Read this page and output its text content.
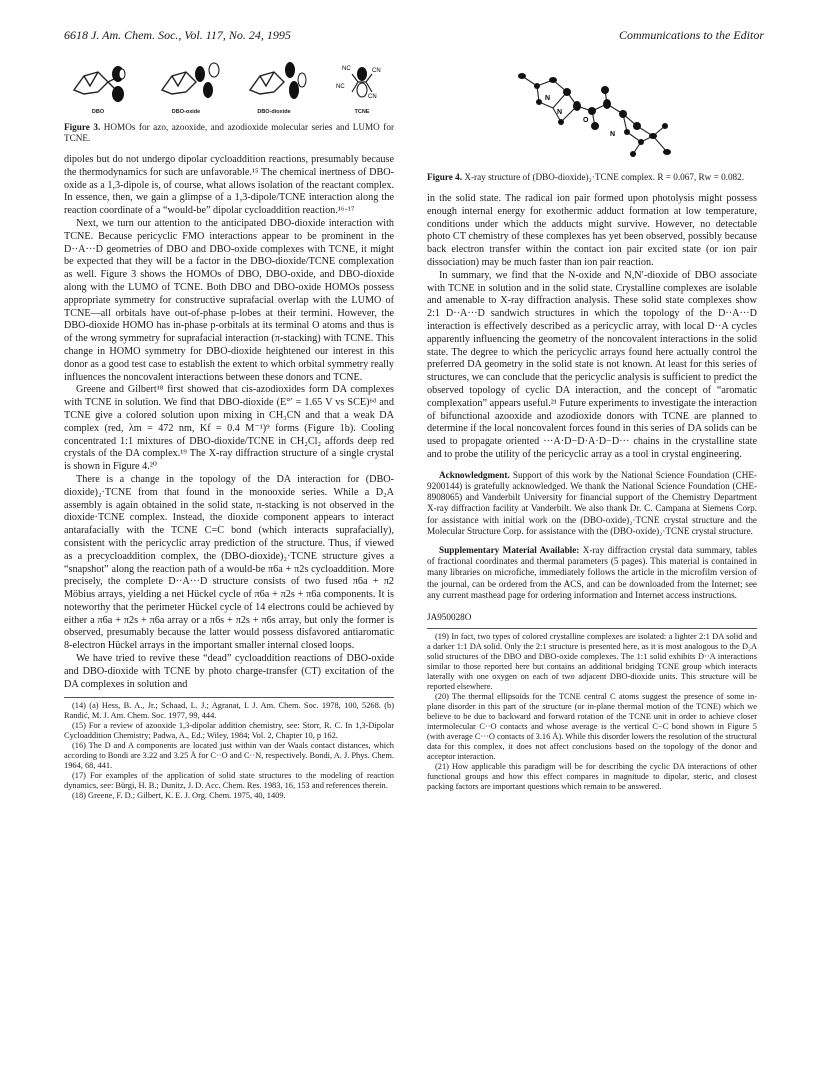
6618 J. Am. Chem. Soc., Vol. 117, No. 24, 1995	Communications to the Editor
NC	CN
NC
CN
DBO	DBO-oxide	DBO-dioxide	TCNE
Figure 3. HOMOs for azo, azooxide, and azodioxide molecular series and LUMO for TCNE.

dipoles but do not undergo dipolar cycloaddition reactions, presumably because the thermodynamics for such are unfavorable.¹⁵ The chemical inertness of DBO-oxide as a 1,3-dipole is, of course, what allows isolation of the reactant complex. In essence, then, we gain a glimpse of a 1,3-dipole/TCNE interaction along the reaction coordinate of a “would-be” dipolar cycloaddition reaction.¹⁶·¹⁷

Next, we turn our attention to the anticipated DBO-dioxide interaction with TCNE. Because pericyclic FMO interactions appear to be prominent in the D··A···D geometries of DBO and DBO-oxide complexes with TCNE, it might be expected that they will be a factor in the DBO-dioxide/TCNE complexation as well. Figure 3 shows the HOMOs of DBO, DBO-oxide, and DBO-dioxide along with the LUMO of TCNE. Both DBO and DBO-oxide HOMOs possess appropriate symmetry for constructive suprafacial overlap with the LUMO of TCNE—all orbitals have out-of-phase p-lobes at their termini. However, the DBO-dioxide HOMO has in-phase p-orbitals at its terminal O atoms and thus is of the wrong symmetry for suprafacial interaction (π-stacking) with TCNE. This change in HOMO symmetry for DBO-dioxide heightened our interest in this donor as a good test case to establish the extent to which orbital symmetry really influences the noncovalent interactions between these donors and TCNE.

Greene and Gilbert¹⁸ first showed that cis-azodioxides form DA complexes with TCNE in solution. We find that DBO-dioxide (E°′ = 1.65 V vs SCE)⁶ᵈ and TCNE give a colored solution upon mixing in CH₃CN and that a weak DA complex (red, λm = 472 nm, Kf = 0.4 M⁻¹)⁹ forms (Figure 1b). Cooling concentrated 1:1 mixtures of DBO-dioxide/TCNE in CH₂Cl₂ affords deep red crystals of the DA complex.¹⁹ The X-ray diffraction structure of a single crystal is shown in Figure 4.²⁰

There is a change in the topology of the DA interaction for (DBO-dioxide)₂·TCNE from that found in the monooxide series. While a D₂A assembly is again obtained in the solid state, π-stacking is not observed in the dioxide·TCNE complex. Instead, the dioxide component appears to interact antarafacially with the TCNE C=C bond (which interacts suprafacially), consistent with the pericyclic array prediction of the structure. Thus, if viewed as a precycloaddition complex, the (DBO-dioxide)₂·TCNE structure gives a “snapshot” along the reaction path of a would-be π6a + π2s cycloaddition. More precisely, the complete D··A···D structure consists of two fused π6a + π2 Möbius arrays, yielding a net Hückel cycle of π6a + π2s + π6a components. It is noteworthy that the perimeter Hückel cycle of 14 electrons could be achieved by either a π6a + π2s + π6a array or a π6s + π2s + π6s array, but only the former is observed, presumably because the latter would possess disfavored antiaromatic 8-electron Hückel arrays in the important smaller internal closed loops.

We have tried to revive these “dead” cycloaddition reactions of DBO-oxide and DBO-dioxide with TCNE by photo charge-transfer (CT) excitation of the DA complexes in solution and

(14) (a) Hess, B. A., Jr.; Schaad, L. J.; Agranat, I. J. Am. Chem. Soc. 1978, 100, 5268. (b) Randić, M. J. Am. Chem. Soc. 1977, 99, 444.

(15) For a review of azooxide 1,3-dipolar addition chemistry, see: Storr, R. C. In 1,3-Dipolar Cycloaddition Chemistry; Padwa, A., Ed.; Wiley, 1984; Vol. 2, Chapter 10, p 162.

(16) The D and A components are located just within van der Waals contact distances, which according to Bondi are 3.22 and 3.25 Å for C··O and C··N, respectively. Bondi, A. J. Phys. Chem. 1964, 68, 441.

(17) For examples of the application of solid state structures to the modeling of reaction dynamics, see: Bürgi, H. B.; Dunitz, J. D. Acc. Chem. Res. 1983, 16, 153 and references therein.

(18) Greene, F. D.; Gilbert, K. E. J. Org. Chem. 1975, 40, 1409.

N
N
N
O
Figure 4. X-ray structure of (DBO-dioxide)₂·TCNE complex. R = 0.067, Rw = 0.082.

in the solid state. The radical ion pair formed upon photolysis might possess enough internal energy for exothermic adduct formation at low temperature, conditions under which the adducts might survive. However, no detectable photo CT chemistry of these complexes has yet been observed, possibly because back electron transfer within the contact ion pair excited state (or ion pair dissociation) may be much faster than ion pair reaction.

In summary, we find that the N-oxide and N,N′-dioxide of DBO associate with TCNE in solution and in the solid state. Crystalline complexes are isolable and amenable to X-ray diffraction analysis. These solid state complexes show 2:1 D··A···D sandwich structures in which the topology of the D··A···D interaction is effectively described as a pericyclic array, with local D··A cycles apparently influencing the geometry of the noncovalent interactions in the solid state. The degree to which the pericyclic arrays found here actually control the preferred DA geometry in the solid state is not known. At least for this series of structures, we can conclude that the pericyclic analysis is sufficient to predict the observed topology of cyclic DA interaction, and the concept of “aromatic complexation” appears useful.²¹ Future experiments to investigate the interaction of bifunctional azooxide and azodioxide donors with TCNE are planned to determine if the local noncovalent forces found in this series of DA solids can be used to propagate oriented ···A·D−D·A·D−D··· chains in the crystalline state and to probe the utility of the pericyclic array as a tool in crystal engineering.

Acknowledgment. Support of this work by the National Science Foundation (CHE-9200144) is gratefully acknowledged. We thank the National Science Foundation (CHE-8908065) and Vanderbilt University for financial support of the Chemistry Department X-ray diffraction facility at Vanderbilt. We also thank Dr. C. Campana at Siemens Corp. for assistance with initial work on the (DBO-oxide)₂·TCNE crystal structure and the Molecular Structure Corp. for assistance with the (DBO-oxide)₂·TCNE crystal structure.

Supplementary Material Available: X-ray diffraction crystal data summary, tables of fractional coordinates and thermal parameters (5 pages). This material is contained in many libraries on microfiche, immediately follows the article in the microfilm version of the journal, can be ordered from the ACS, and can be downloaded from the Internet; see any current masthead page for ordering information and Internet access instructions.

JA950028O

(19) In fact, two types of colored crystalline complexes are isolated: a lighter 2:1 DA solid and a darker 1:1 DA solid. Only the 2:1 structure is presented here, as it is most analogous to the D₂A solid structures of the DBO and DBO-oxide complexes. The 1:1 solid exhibits D··A interactions similar to those reported here but contains an additional bridging TCNE group which interacts laterally with one oxygen on each of two adjacent DBO-dioxide units. This structure will be reported elsewhere.

(20) The thermal ellipsoids for the TCNE central C atoms suggest the presence of some in-plane disorder in this part of the structure (or in-plane thermal motion of the TCNE) which we believe to be due to backward and forward rotation of the TCNE unit in order to achieve closer intermolecular C··O contacts and whose average is the vertical C−C bond shown in Figure 5 (with average C···O contacts of 3.16 Å). While this disorder lowers the resolution of the structural data for this complex, it does not affect conclusions based on the topology of the donor and acceptor interaction.

(21) How applicable this paradigm will be for describing the cyclic DA interactions of other functional groups and how this effect compares in magnitude to dipolar, steric, and closest packing factors are important questions which remain to be answered.
